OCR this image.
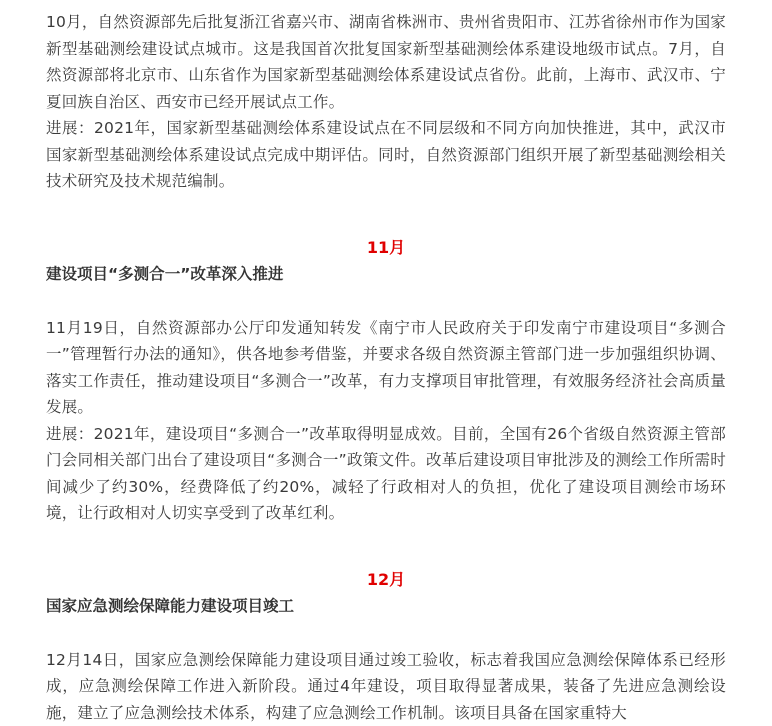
10月，自然资源部先后批复浙江省嘉兴市、湖南省株洲市、贵州省贵阳市、江苏省徐州市作为国家新型基础测绘建设试点城市。这是我国首次批复国家新型基础测绘体系建设地级市试点。7月，自然资源部将北京市、山东省作为国家新型基础测绘体系建设试点省份。此前，上海市、武汉市、宁夏回族自治区、西安市已经开展试点工作。

进展：2021年，国家新型基础测绘体系建设试点在不同层级和不同方向加快推进，其中，武汉市国家新型基础测绘体系建设试点完成中期评估。同时，自然资源部门组织开展了新型基础测绘相关技术研究及技术规范编制。

11月

建设项目“多测合一”改革深入推进

11月19日，自然资源部办公厅印发通知转发《南宁市人民政府关于印发南宁市建设项目“多测合一”管理暂行办法的通知》，供各地参考借鉴，并要求各级自然资源主管部门进一步加强组织协调、落实工作责任，推动建设项目“多测合一”改革，有力支撑项目审批管理，有效服务经济社会高质量发展。

进展：2021年，建设项目“多测合一”改革取得明显成效。目前，全国有26个省级自然资源主管部门会同相关部门出台了建设项目“多测合一”政策文件。改革后建设项目审批涉及的测绘工作所需时间减少了约30%，经费降低了约20%，减轻了行政相对人的负担，优化了建设项目测绘市场环境，让行政相对人切实享受到了改革红利。

12月

国家应急测绘保障能力建设项目竣工

12月14日，国家应急测绘保障能力建设项目通过竣工验收，标志着我国应急测绘保障体系已经形成，应急测绘保障工作进入新阶段。通过4年建设，项目取得显著成果，装备了先进应急测绘设施，建立了应急测绘技术体系，构建了应急测绘工作机制。该项目具备在国家重特大
